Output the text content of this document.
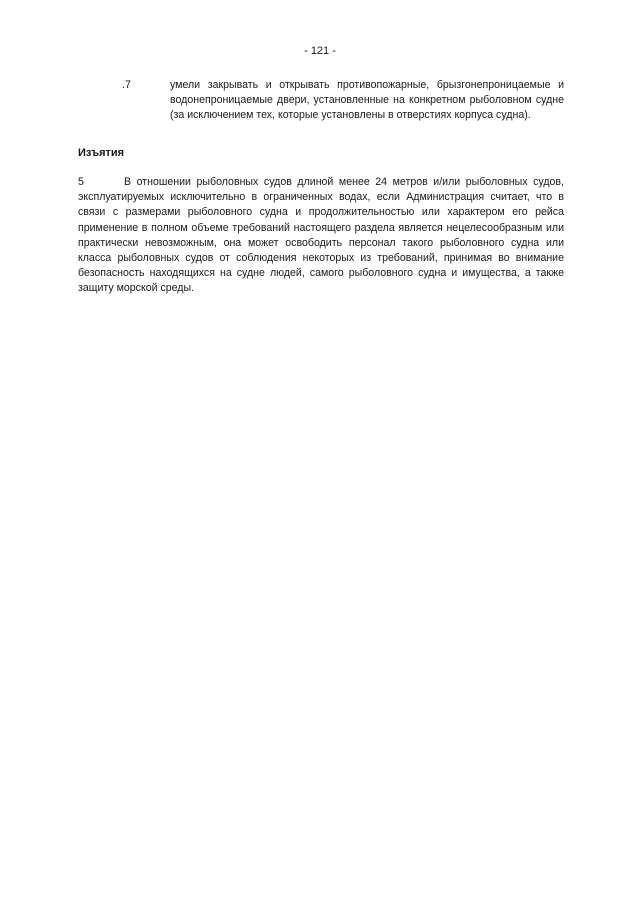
- 121 -
.7	умели закрывать и открывать противопожарные, брызгонепроницаемые и водонепроницаемые двери, установленные на конкретном рыболовном судне (за исключением тех, которые установлены в отверстиях корпуса судна).

Изъятия

5	В отношении рыболовных судов длиной менее 24 метров и/или рыболовных судов, эксплуатируемых исключительно в ограниченных водах, если Администрация считает, что в связи с размерами рыболовного судна и продолжительностью или характером его рейса применение в полном объеме требований настоящего раздела является нецелесообразным или практически невозможным, она может освободить персонал такого рыболовного судна или класса рыболовных судов от соблюдения некоторых из требований, принимая во внимание безопасность находящихся на судне людей, самого рыболовного судна и имущества, а также защиту морской среды.
